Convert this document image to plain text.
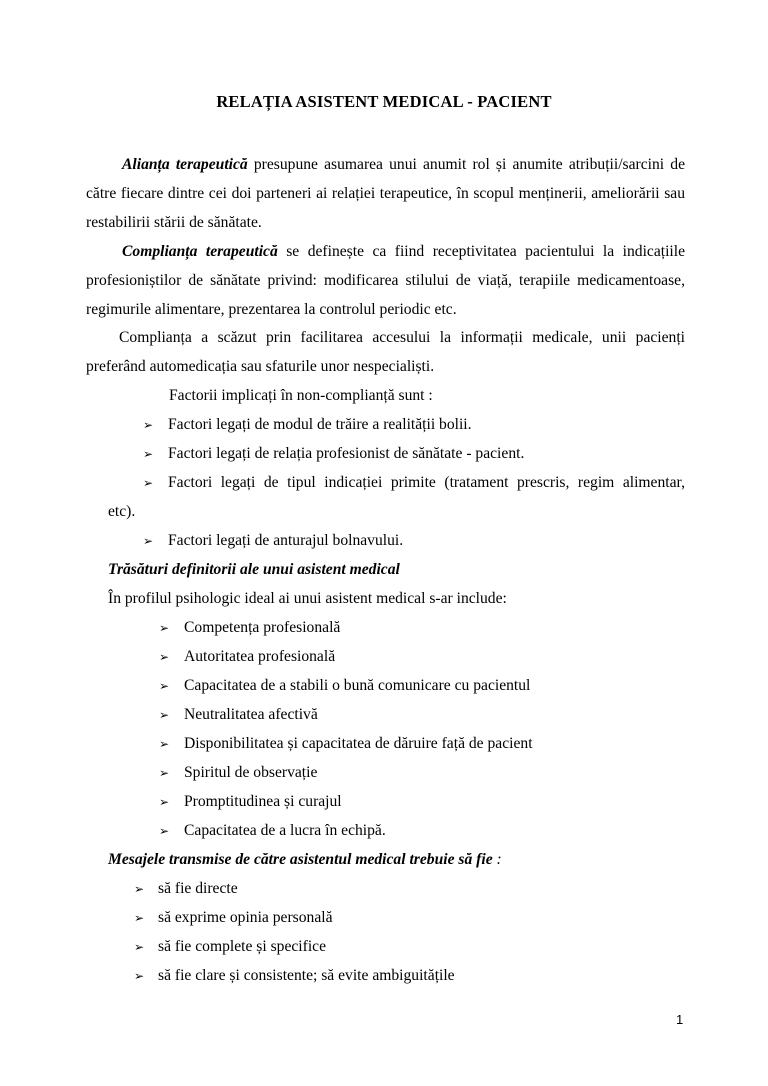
RELAȚIA ASISTENT MEDICAL - PACIENT
Alianța terapeutică presupune asumarea unui anumit rol și anumite atribuții/sarcini de către fiecare dintre cei doi parteneri ai relației terapeutice, în scopul menținerii, ameliorării sau restabilirii stării de sănătate.
Complianța terapeutică se definește ca fiind receptivitatea pacientului la indicațiile profesioniștilor de sănătate privind: modificarea stilului de viață, terapiile medicamentoase, regimurile alimentare, prezentarea la controlul periodic etc.
Complianța a scăzut prin facilitarea accesului la informații medicale, unii pacienți
preferând automedicația sau sfaturile unor nespecialiști.
Factorii implicați în non-complianță sunt :
➢ Factori legați de modul de trăire a realității bolii.
➢ Factori legați de relația profesionist de sănătate - pacient.
➢ Factori legați de tipul indicației primite (tratament prescris, regim alimentar,
etc).
➢ Factori legați de anturajul bolnavului.
Trăsături definitorii ale unui asistent medical
În profilul psihologic ideal ai unui asistent medical s-ar include:
➢ Competența profesională
➢ Autoritatea profesională
➢ Capacitatea de a stabili o bună comunicare cu pacientul
➢ Neutralitatea afectivă
➢ Disponibilitatea și capacitatea de dăruire față de pacient
➢ Spiritul de observație
➢ Promptitudinea și curajul
➢ Capacitatea de a lucra în echipă.
Mesajele transmise de către asistentul medical trebuie să fie :
➢ să fie directe
➢ să exprime opinia personală
➢ să fie complete și specifice
➢ să fie clare și consistente; să evite ambiguitățile
1
